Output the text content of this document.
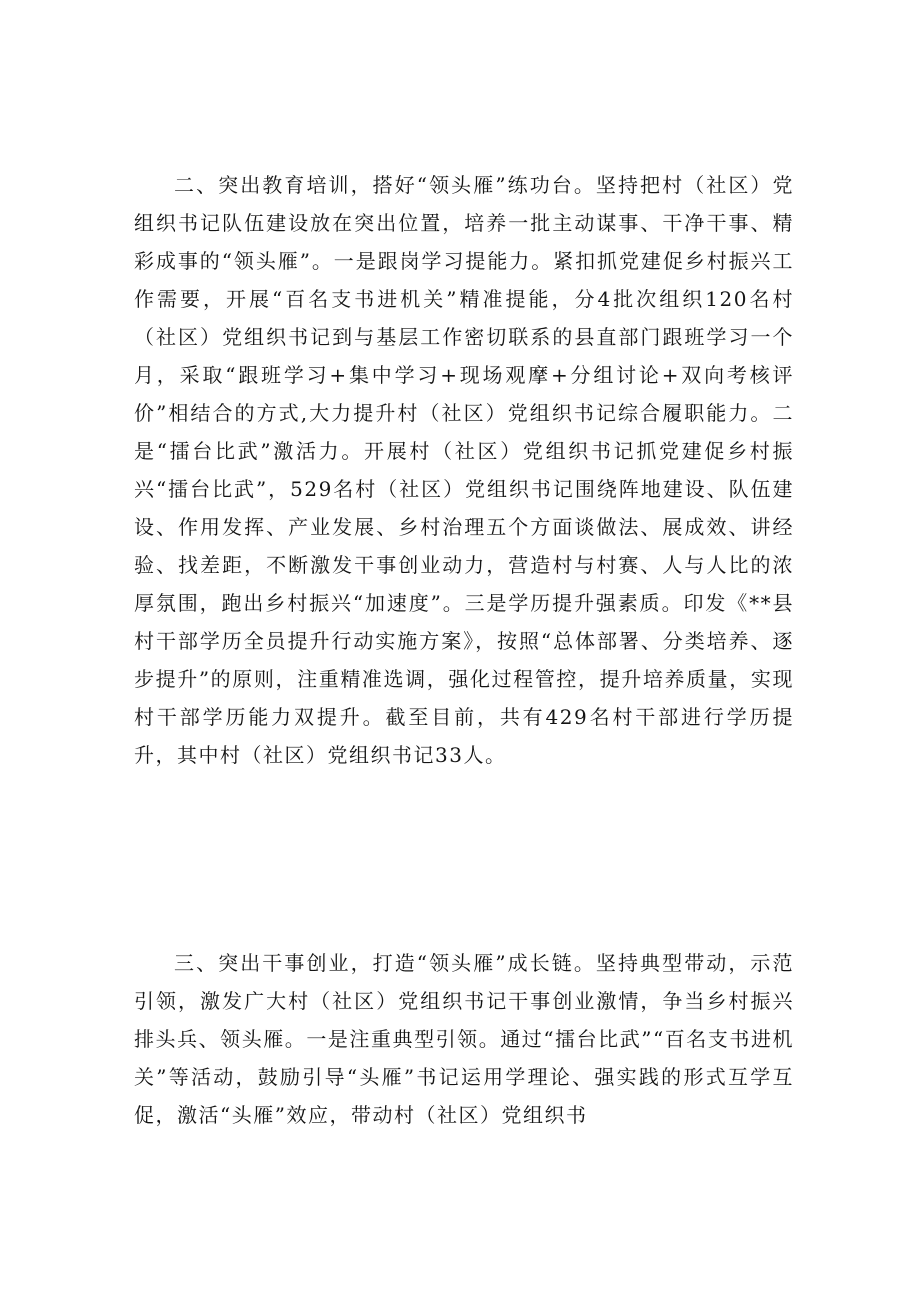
二、突出教育培训，搭好“领头雁”练功台。坚持把村（社区）党组织书记队伍建设放在突出位置，培养一批主动谋事、干净干事、精彩成事的“领头雁”。一是跟岗学习提能力。紧扣抓党建促乡村振兴工作需要，开展“百名支书进机关”精准提能，分4批次组织120名村（社区）党组织书记到与基层工作密切联系的县直部门跟班学习一个月，采取“跟班学习+集中学习+现场观摩+分组讨论+双向考核评价”相结合的方式,大力提升村（社区）党组织书记综合履职能力。二是“擂台比武”激活力。开展村（社区）党组织书记抓党建促乡村振兴“擂台比武”，529名村（社区）党组织书记围绕阵地建设、队伍建设、作用发挥、产业发展、乡村治理五个方面谈做法、展成效、讲经验、找差距，不断激发干事创业动力，营造村与村赛、人与人比的浓厚氛围，跑出乡村振兴“加速度”。三是学历提升强素质。印发《**县村干部学历全员提升行动实施方案》，按照“总体部署、分类培养、逐步提升”的原则，注重精准选调，强化过程管控，提升培养质量，实现村干部学历能力双提升。截至目前，共有429名村干部进行学历提升，其中村（社区）党组织书记33人。

三、突出干事创业，打造“领头雁”成长链。坚持典型带动，示范引领，激发广大村（社区）党组织书记干事创业激情，争当乡村振兴排头兵、领头雁。一是注重典型引领。通过“擂台比武”“百名支书进机关”等活动，鼓励引导“头雁”书记运用学理论、强实践的形式互学互促，激活“头雁”效应，带动村（社区）党组织书
